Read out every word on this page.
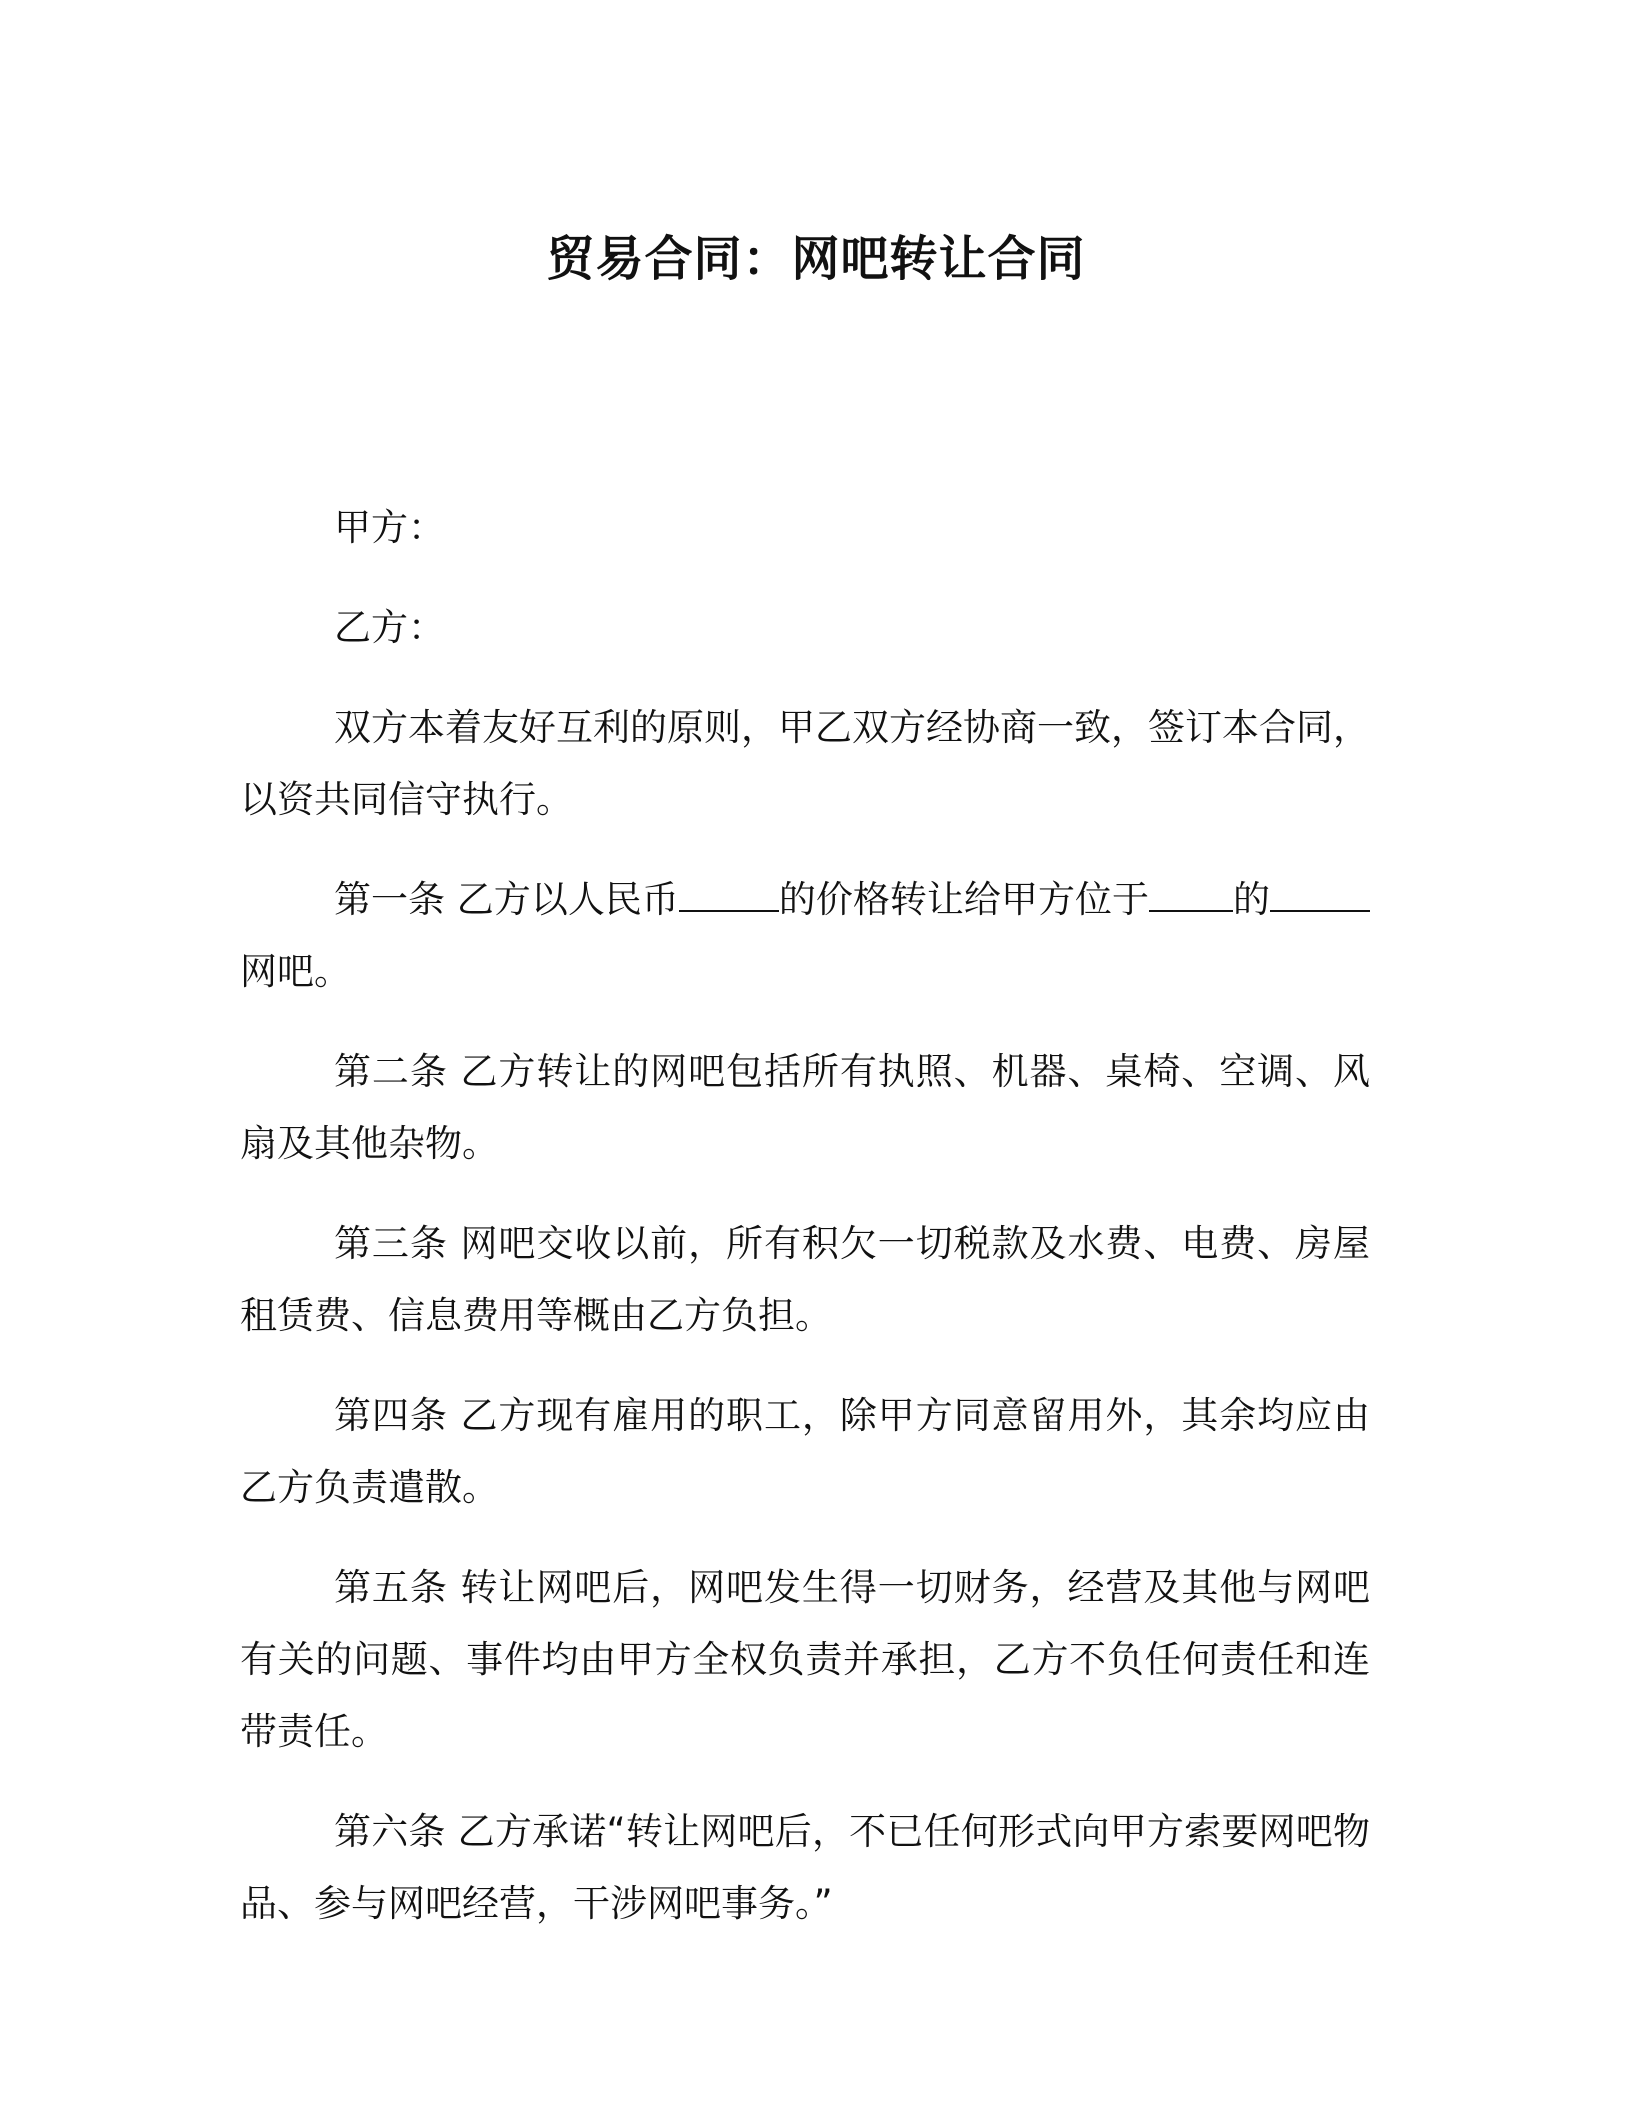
贸易合同：网吧转让合同

甲方：

乙方：

双方本着友好互利的原则，甲乙双方经协商一致，签订本合同，以资共同信守执行。

第一条 乙方以人民币	的价格转让给甲方位于 的网吧。

第二条 乙方转让的网吧包括所有执照、机器、桌椅、空调、风扇及其他杂物。

第三条 网吧交收以前，所有积欠一切税款及水费、电费、房屋租赁费、信息费用等概由乙方负担。

第四条 乙方现有雇用的职工，除甲方同意留用外，其余均应由乙方负责遣散。

第五条 转让网吧后，网吧发生得一切财务，经营及其他与网吧有关的问题、事件均由甲方全权负责并承担，乙方不负任何责任和连带责任。

第六条 乙方承诺“转让网吧后，不已任何形式向甲方索要网吧物品、参与网吧经营，干涉网吧事务。”
